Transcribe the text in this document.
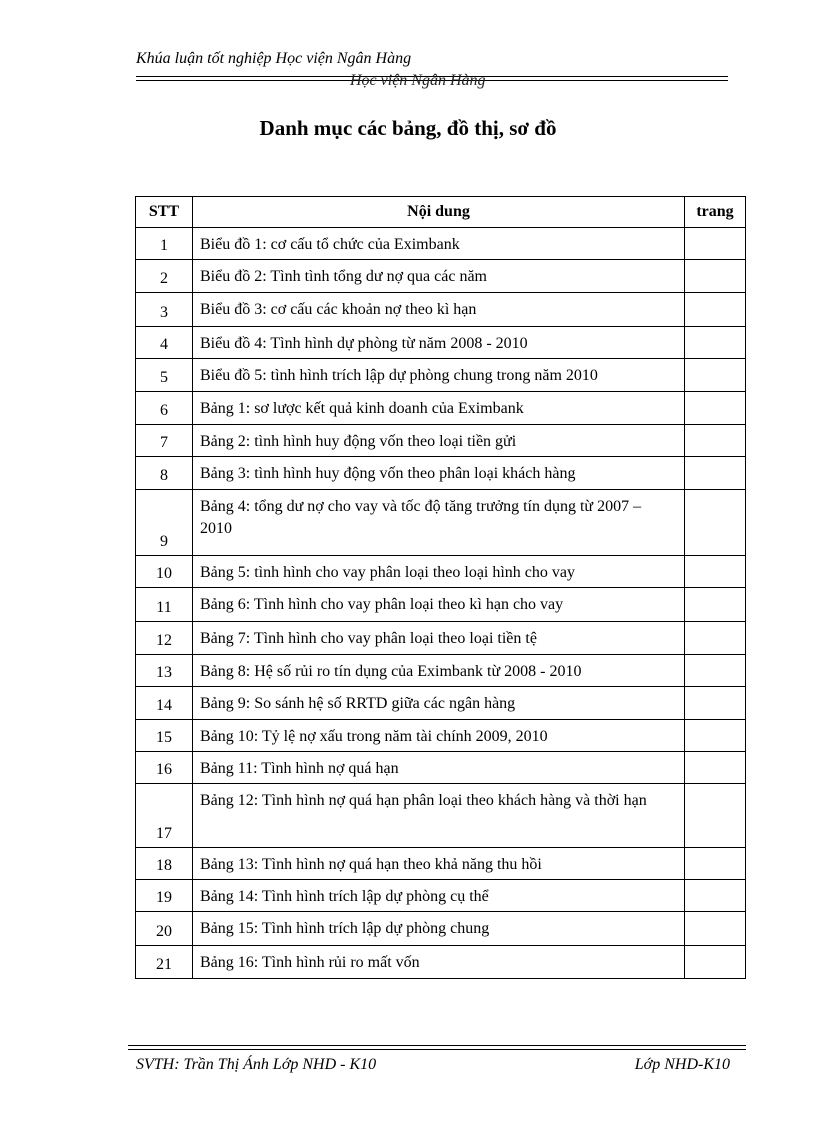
Khúa luận tốt nghiệp Học viện Ngân Hàng
Học viện Ngân Hàng
Danh mục các bảng, đồ thị, sơ đồ
STT	Nội dung	trang
1	Biểu đồ 1: cơ cấu tổ chức của Eximbank	
2	Biểu đồ 2: Tình tình tổng dư nợ qua các năm	
3	Biểu đồ 3: cơ cấu các khoản nợ theo kì hạn	
4	Biểu đồ 4: Tình hình dự phòng từ năm 2008 - 2010	
5	Biểu đồ 5: tình hình trích lập dự phòng chung trong năm 2010	
6	Bảng 1: sơ lược kết quả kinh doanh của Eximbank	
7	Bảng 2: tình hình huy động vốn theo loại tiền gửi	
8	Bảng 3: tình hình huy động vốn theo phân loại khách hàng	
9	Bảng 4: tổng dư nợ cho vay và tốc độ tăng trưởng tín dụng từ 2007 – 2010	
10	Bảng 5: tình hình cho vay phân loại theo loại hình cho vay	
11	Bảng 6: Tình hình cho vay phân loại theo kì hạn cho vay	
12	Bảng 7: Tình hình cho vay phân loại theo loại tiền tệ	
13	Bảng 8: Hệ số rủi ro tín dụng của Eximbank từ 2008 - 2010	
14	Bảng 9: So sánh hệ số RRTD giữa các ngân hàng	
15	Bảng 10: Tỷ lệ nợ xấu trong năm tài chính 2009, 2010	
16	Bảng 11: Tình hình nợ quá hạn	
17	Bảng 12: Tình hình nợ quá hạn phân loại theo khách hàng và thời hạn	
18	Bảng 13: Tình hình nợ quá hạn theo khả năng thu hồi	
19	Bảng 14: Tình hình trích lập dự phòng cụ thể	
20	Bảng 15: Tình hình trích lập dự phòng chung	
21	Bảng 16: Tình hình rủi ro mất vốn	
SVTH: Trần Thị Ánh Lớp NHD - K10	Lớp NHD-K10
